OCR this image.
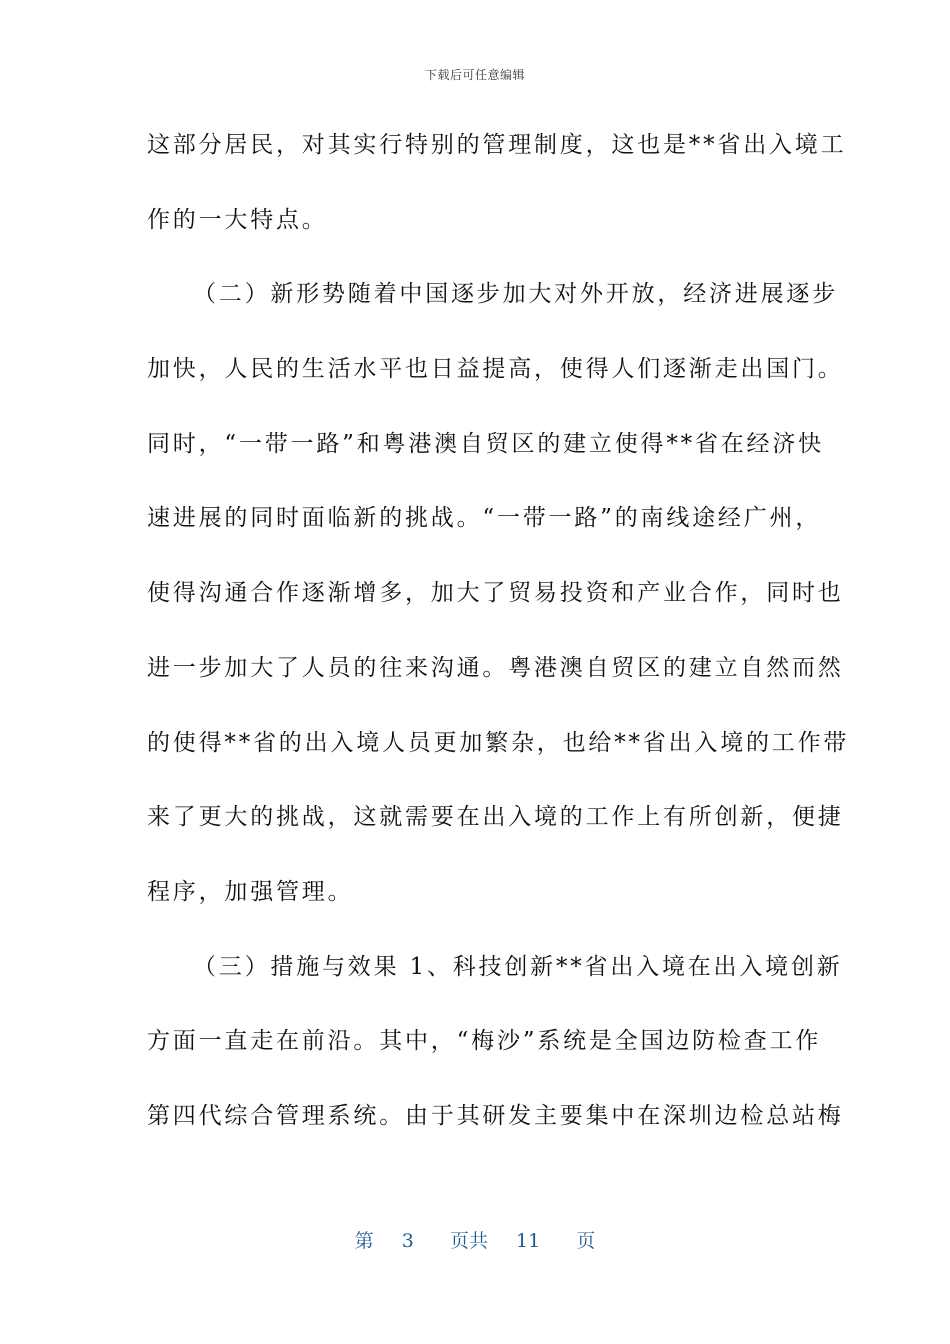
下载后可任意编辑
这部分居民，对其实行特别的管理制度，这也是**省出入境工
作的一大特点。
（二）新形势随着中国逐步加大对外开放，经济进展逐步
加快，人民的生活水平也日益提高，使得人们逐渐走出国门。
同时，“一带一路”和粤港澳自贸区的建立使得**省在经济快
速进展的同时面临新的挑战。“一带一路”的南线途经广州，
使得沟通合作逐渐增多，加大了贸易投资和产业合作，同时也
进一步加大了人员的往来沟通。粤港澳自贸区的建立自然而然
的使得**省的出入境人员更加繁杂，也给**省出入境的工作带
来了更大的挑战，这就需要在出入境的工作上有所创新，便捷
程序，加强管理。
（三）措施与效果 1、科技创新**省出入境在出入境创新
方面一直走在前沿。其中，“梅沙”系统是全国边防检查工作
第四代综合管理系统。由于其研发主要集中在深圳边检总站梅
第 3 页共 11 页
